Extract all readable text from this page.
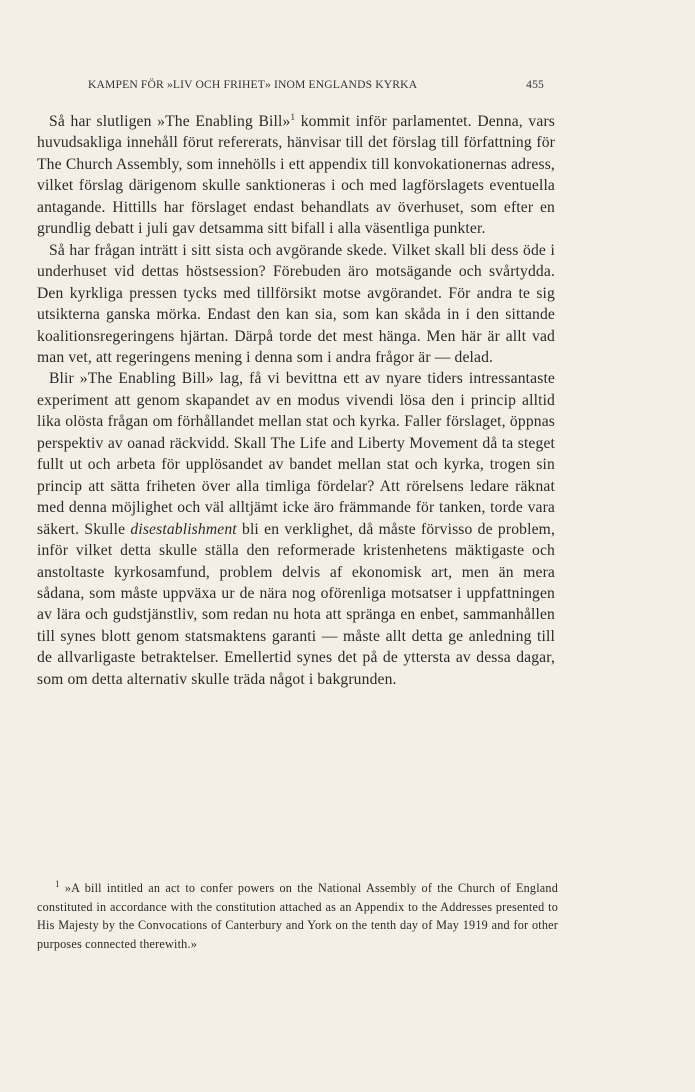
KAMPEN FÖR »LIV OCH FRIHET» INOM ENGLANDS KYRKA	455

Så har slutligen »The Enabling Bill»$^1$ kommit inför parlamentet. Denna, vars huvudsakliga innehåll förut refererats, hänvisar till det förslag till författning för The Church Assembly, som innehölls i ett appendix till konvokationernas adress, vilket förslag därigenom skulle sanktioneras i och med lagförslagets eventuella antagande. Hittills har förslaget endast behandlats av överhuset, som efter en grundlig debatt i juli gav detsamma sitt bifall i alla väsentliga punkter.

Så har frågan inträtt i sitt sista och avgörande skede. Vilket skall bli dess öde i underhuset vid dettas höstsession? Förebuden äro motsägande och svårtydda. Den kyrkliga pressen tycks med tillförsikt motse avgörandet. För andra te sig utsikterna ganska mörka. Endast den kan sia, som kan skåda in i den sittande koalitionsregeringens hjärtan. Därpå torde det mest hänga. Men här är allt vad man vet, att regeringens mening i denna som i andra frågor är — delad.

Blir »The Enabling Bill» lag, få vi bevittna ett av nyare tiders intressantaste experiment att genom skapandet av en modus vivendi lösa den i princip alltid lika olösta frågan om förhållandet mellan stat och kyrka. Faller förslaget, öppnas perspektiv av oanad räckvidd. Skall The Life and Liberty Movement då ta steget fullt ut och arbeta för upplösandet av bandet mellan stat och kyrka, trogen sin princip att sätta friheten över alla timliga fördelar? Att rörelsens ledare räknat med denna möjlighet och väl alltjämt icke äro främmande för tanken, torde vara säkert. Skulle disestablishment bli en verklighet, då måste förvisso de problem, inför vilket detta skulle ställa den reformerade kristenhetens mäktigaste och anstoltaste kyrkosamfund, problem delvis af ekonomisk art, men än mera sådana, som måste uppväxa ur de nära nog oförenliga motsatser i uppfattningen av lära och gudstjänstliv, som redan nu hota att spränga en enbet, sammanhållen till synes blott genom statsmaktens garanti — måste allt detta ge anledning till de allvarligaste betraktelser. Emellertid synes det på de yttersta av dessa dagar, som om detta alternativ skulle träda något i bakgrunden.

$^1$ »A bill intitled an act to confer powers on the National Assembly of the Church of England constituted in accordance with the constitution attached as an Appendix to the Addresses presented to His Majesty by the Convocations of Canterbury and York on the tenth day of May 1919 and for other purposes connected therewith.»
